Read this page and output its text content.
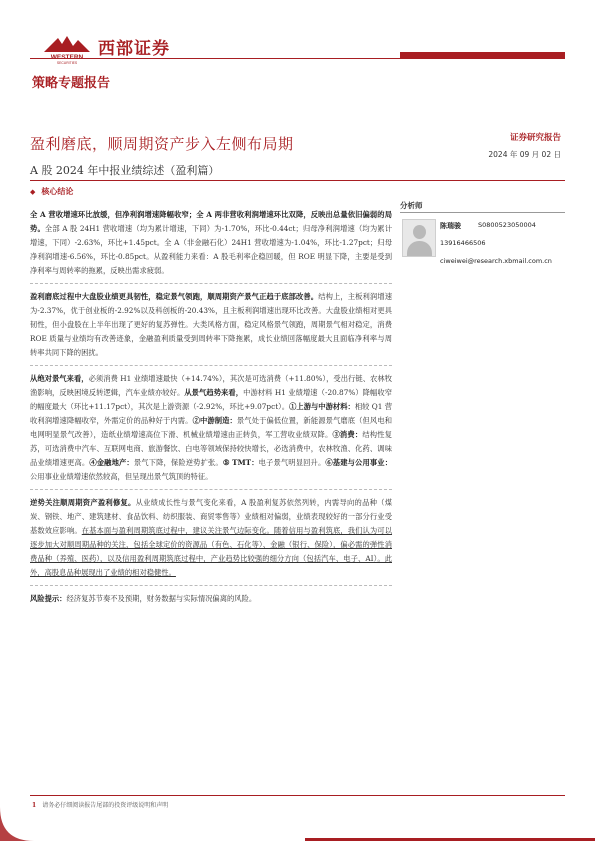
WESTERN
SECURITIES
西部证券
策略专题报告
盈利磨底，顺周期资产步入左侧布局期
A 股 2024 年中报业绩综述（盈利篇）
证券研究报告
2024 年 09 月 02 日
◆ 核心结论
分析师
陈瑞骏	S0800523050004
13916466506
ciweiwei@research.xbmail.com.cn

全 A 营收增速环比放缓，但净利润增速降幅收窄；全 A 两非营收利润增速环比双降，反映出总量依旧偏弱的局势。全部 A 股 24H1 营收增速（均为累计增速，下同）为-1.70%，环比-0.44ct；归母净利润增速（均为累计增速，下同）-2.63%，环比+1.45pct。全 A（非金融石化）24H1 营收增速为-1.04%，环比-1.27pct；归母净利润增速-6.56%，环比-0.85pct。从盈利能力来看：A 股毛利率企稳回暖，但 ROE 明显下降，主要是受到净利率与周转率的拖累，反映出需求疲弱。

盈利磨底过程中大盘股业绩更具韧性，稳定景气领跑，顺周期资产景气正趋于底部改善。结构上，主板利润增速为-2.37%，优于创业板的-2.92%以及科创板的-20.43%，且主板利润增速出现环比改善。大盘股业绩相对更具韧性，但小盘股在上半年出现了更好的复苏弹性。大类风格方面，稳定风格景气领跑，周期景气相对稳定，消费 ROE 质量与业绩均有改善迹象，金融盈利质量受到周转率下降拖累，成长业绩回落幅度最大且面临净利率与周转率共同下降的困扰。

从绝对景气来看，必须消费 H1 业绩增速最快（+14.74%），其次是可选消费（+11.80%），受出行链、农林牧渔影响，反映困境反转逻辑，汽车业绩亦较好。从景气趋势来看，中游材料 H1 业绩增速（-20.87%）降幅收窄的幅度最大（环比+11.17pct），其次是上游资源（-2.92%，环比+9.07pct）。①上游与中游材料：相较 Q1 营收利润增速降幅收窄，外需定价的品种好于内需。②中游制造：景气处于偏低位置，新能源景气磨底（但风电和电网明显景气改善），造纸业绩增速高位下滑、机械业绩增速由正转负，军工营收业绩双降。③消费：结构性复苏，可选消费中汽车、互联网电商、旅游餐饮、白电等领域保持较快增长，必选消费中，农林牧渔、化药、调味品业绩增速更高。④金融地产：景气下降，保险逆势扩张。⑤ TMT：电子景气明显回升。⑥基建与公用事业：公用事业业绩增速依然较高，但呈现出景气筑顶的特征。

逆势关注顺周期资产盈利修复。从业绩成长性与景气变化来看，A 股盈利复苏依然列转，内需导向的品种（煤炭、钢铁、地产、建筑建材、食品饮料、纺织服装、商贸零售等）业绩相对偏弱，业绩表现较好的一部分行业受基数效应影响。在基本面与盈利周期筑底过程中，建议关注景气边际变化。随着信用与盈利筑底，我们认为可以逐步加大对顺周期品种的关注，包括全球定价的资源品（有色、石化等）、金融（银行、保险），偏必需的弹性消费品种（养殖、医药），以及信用盈利周期筑底过程中，产业趋势比较强的细分方向（包括汽车、电子、AI）。此外，高股息品种展现出了业绩的相对稳健性。

风险提示：经济复苏节奏不及预期，财务数据与实际情况偏离的风险。

1 请务必仔细阅读报告尾部的投资评级说明和声明
